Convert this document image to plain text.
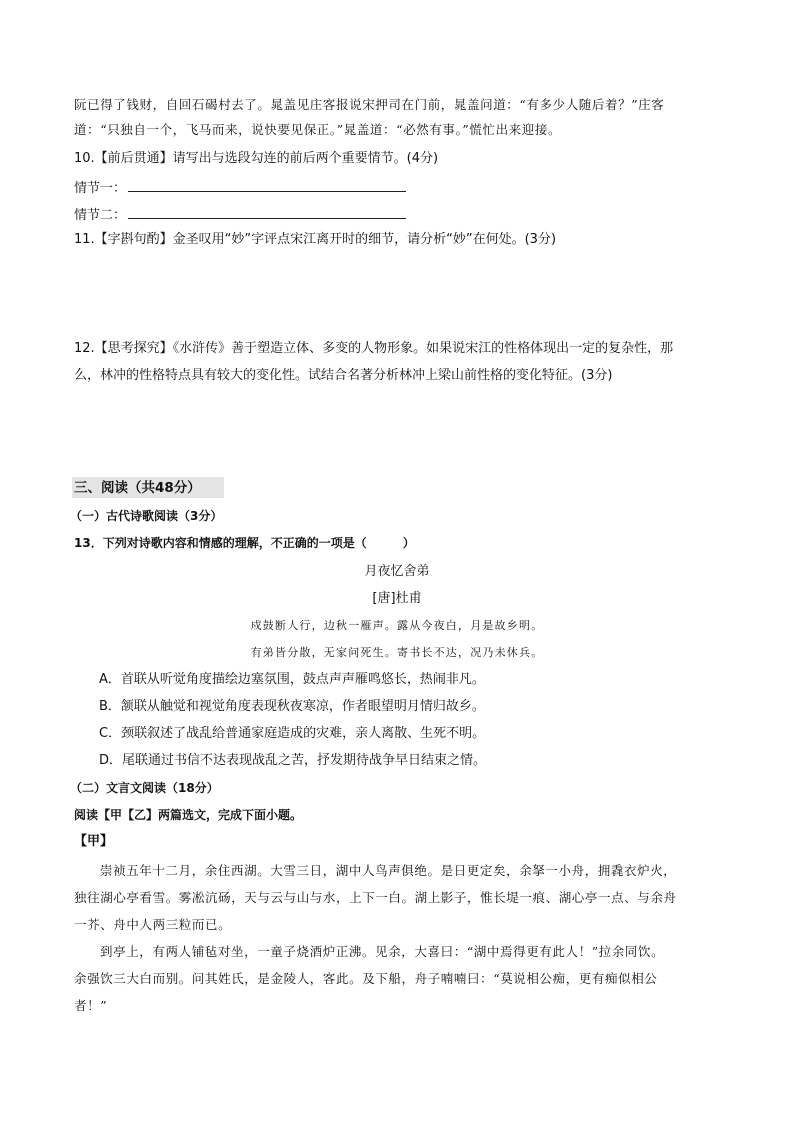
阮已得了钱财，自回石碣村去了。晁盖见庄客报说宋押司在门前，晁盖问道：“有多少人随后着？”庄客
道：“只独自一个，飞马而来，说快要见保正。”晁盖道：“必然有事。”慌忙出来迎接。
10.【前后贯通】请写出与选段勾连的前后两个重要情节。(4分)
情节一：
情节二：
11.【字斟句酌】金圣叹用“妙”字评点宋江离开时的细节，请分析“妙”在何处。(3分)
12.【思考探究】《水浒传》善于塑造立体、多变的人物形象。如果说宋江的性格体现出一定的复杂性，那
么，林冲的性格特点具有较大的变化性。试结合名著分析林冲上梁山前性格的变化特征。(3分)
三、阅读（共48分）
（一）古代诗歌阅读（3分）
13．下列对诗歌内容和情感的理解，不正确的一项是（　　　）
月夜忆舍弟
[唐]杜甫
戍鼓断人行，边秋一雁声。露从今夜白，月是故乡明。
有弟皆分散，无家问死生。寄书长不达，况乃未休兵。
A．首联从听觉角度描绘边塞氛围，鼓点声声雁鸣悠长，热闹非凡。
B．颔联从触觉和视觉角度表现秋夜寒凉，作者眼望明月情归故乡。
C．颈联叙述了战乱给普通家庭造成的灾难，亲人离散、生死不明。
D．尾联通过书信不达表现战乱之苦，抒发期待战争早日结束之情。
（二）文言文阅读（18分）
阅读【甲【乙】两篇选文，完成下面小题。
【甲】
崇祯五年十二月，余住西湖。大雪三日，湖中人鸟声俱绝。是日更定矣，余拏一小舟，拥毳衣炉火，
独往湖心亭看雪。雾凇沆砀，天与云与山与水，上下一白。湖上影子，惟长堤一痕、湖心亭一点、与余舟
一芥、舟中人两三粒而已。
到亭上，有两人铺毡对坐，一童子烧酒炉正沸。见余，大喜曰：“湖中焉得更有此人！”拉余同饮。
余强饮三大白而别。问其姓氏，是金陵人，客此。及下船，舟子喃喃曰：“莫说相公痴，更有痴似相公
者！”
